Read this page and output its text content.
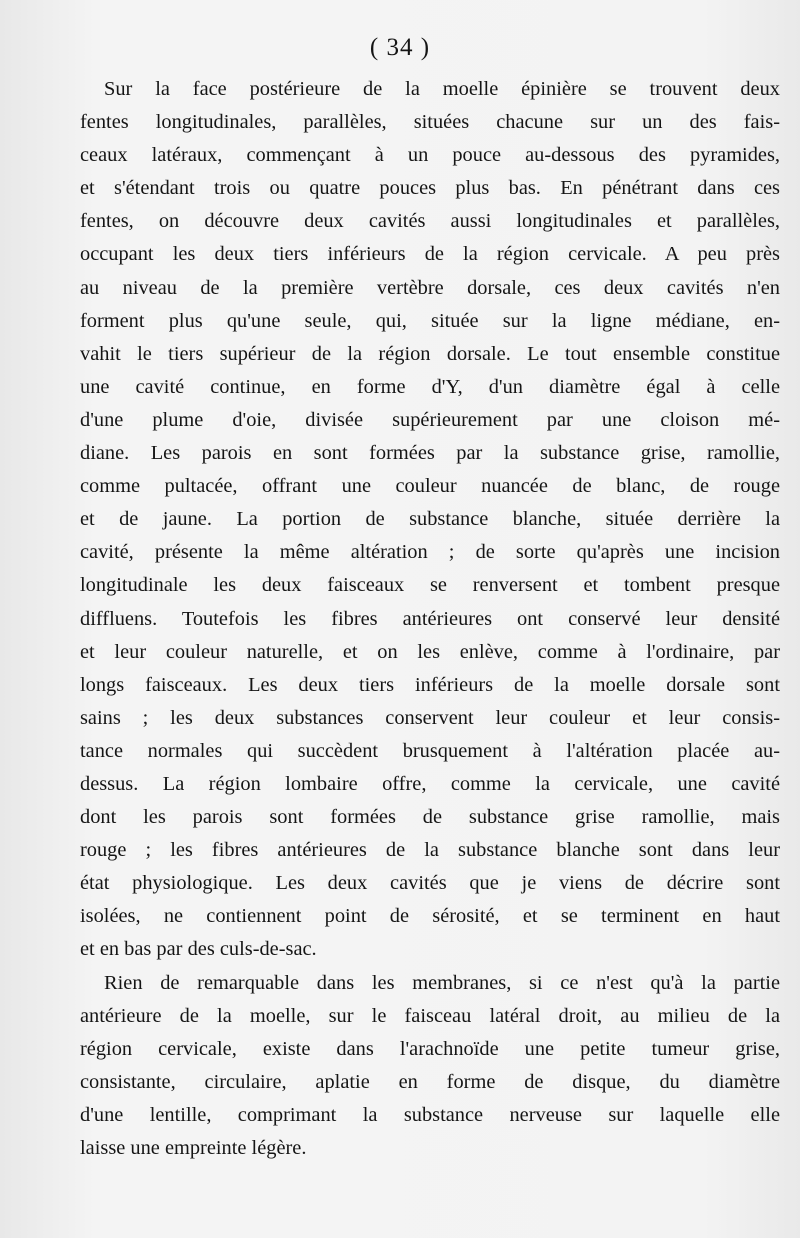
( 34 )
Sur la face postérieure de la moelle épinière se trouvent deux
fentes longitudinales, parallèles, situées chacune sur un des fais-
ceaux latéraux, commençant à un pouce au-dessous des pyramides,
et s'étendant trois ou quatre pouces plus bas. En pénétrant dans ces
fentes, on découvre deux cavités aussi longitudinales et parallèles,
occupant les deux tiers inférieurs de la région cervicale. A peu près
au niveau de la première vertèbre dorsale, ces deux cavités n'en
forment plus qu'une seule, qui, située sur la ligne médiane, en-
vahit le tiers supérieur de la région dorsale. Le tout ensemble constitue
une cavité continue, en forme d'Y, d'un diamètre égal à celle
d'une plume d'oie, divisée supérieurement par une cloison mé-
diane. Les parois en sont formées par la substance grise, ramollie,
comme pultacée, offrant une couleur nuancée de blanc, de rouge
et de jaune. La portion de substance blanche, située derrière la
cavité, présente la même altération ; de sorte qu'après une incision
longitudinale les deux faisceaux se renversent et tombent presque
diffluens. Toutefois les fibres antérieures ont conservé leur densité
et leur couleur naturelle, et on les enlève, comme à l'ordinaire, par
longs faisceaux. Les deux tiers inférieurs de la moelle dorsale sont
sains ; les deux substances conservent leur couleur et leur consis-
tance normales qui succèdent brusquement à l'altération placée au-
dessus. La région lombaire offre, comme la cervicale, une cavité
dont les parois sont formées de substance grise ramollie, mais
rouge ; les fibres antérieures de la substance blanche sont dans leur
état physiologique. Les deux cavités que je viens de décrire sont
isolées, ne contiennent point de sérosité, et se terminent en haut
et en bas par des culs-de-sac.
Rien de remarquable dans les membranes, si ce n'est qu'à la partie
antérieure de la moelle, sur le faisceau latéral droit, au milieu de la
région cervicale, existe dans l'arachnoïde une petite tumeur grise,
consistante, circulaire, aplatie en forme de disque, du diamètre
d'une lentille, comprimant la substance nerveuse sur laquelle elle
laisse une empreinte légère.
